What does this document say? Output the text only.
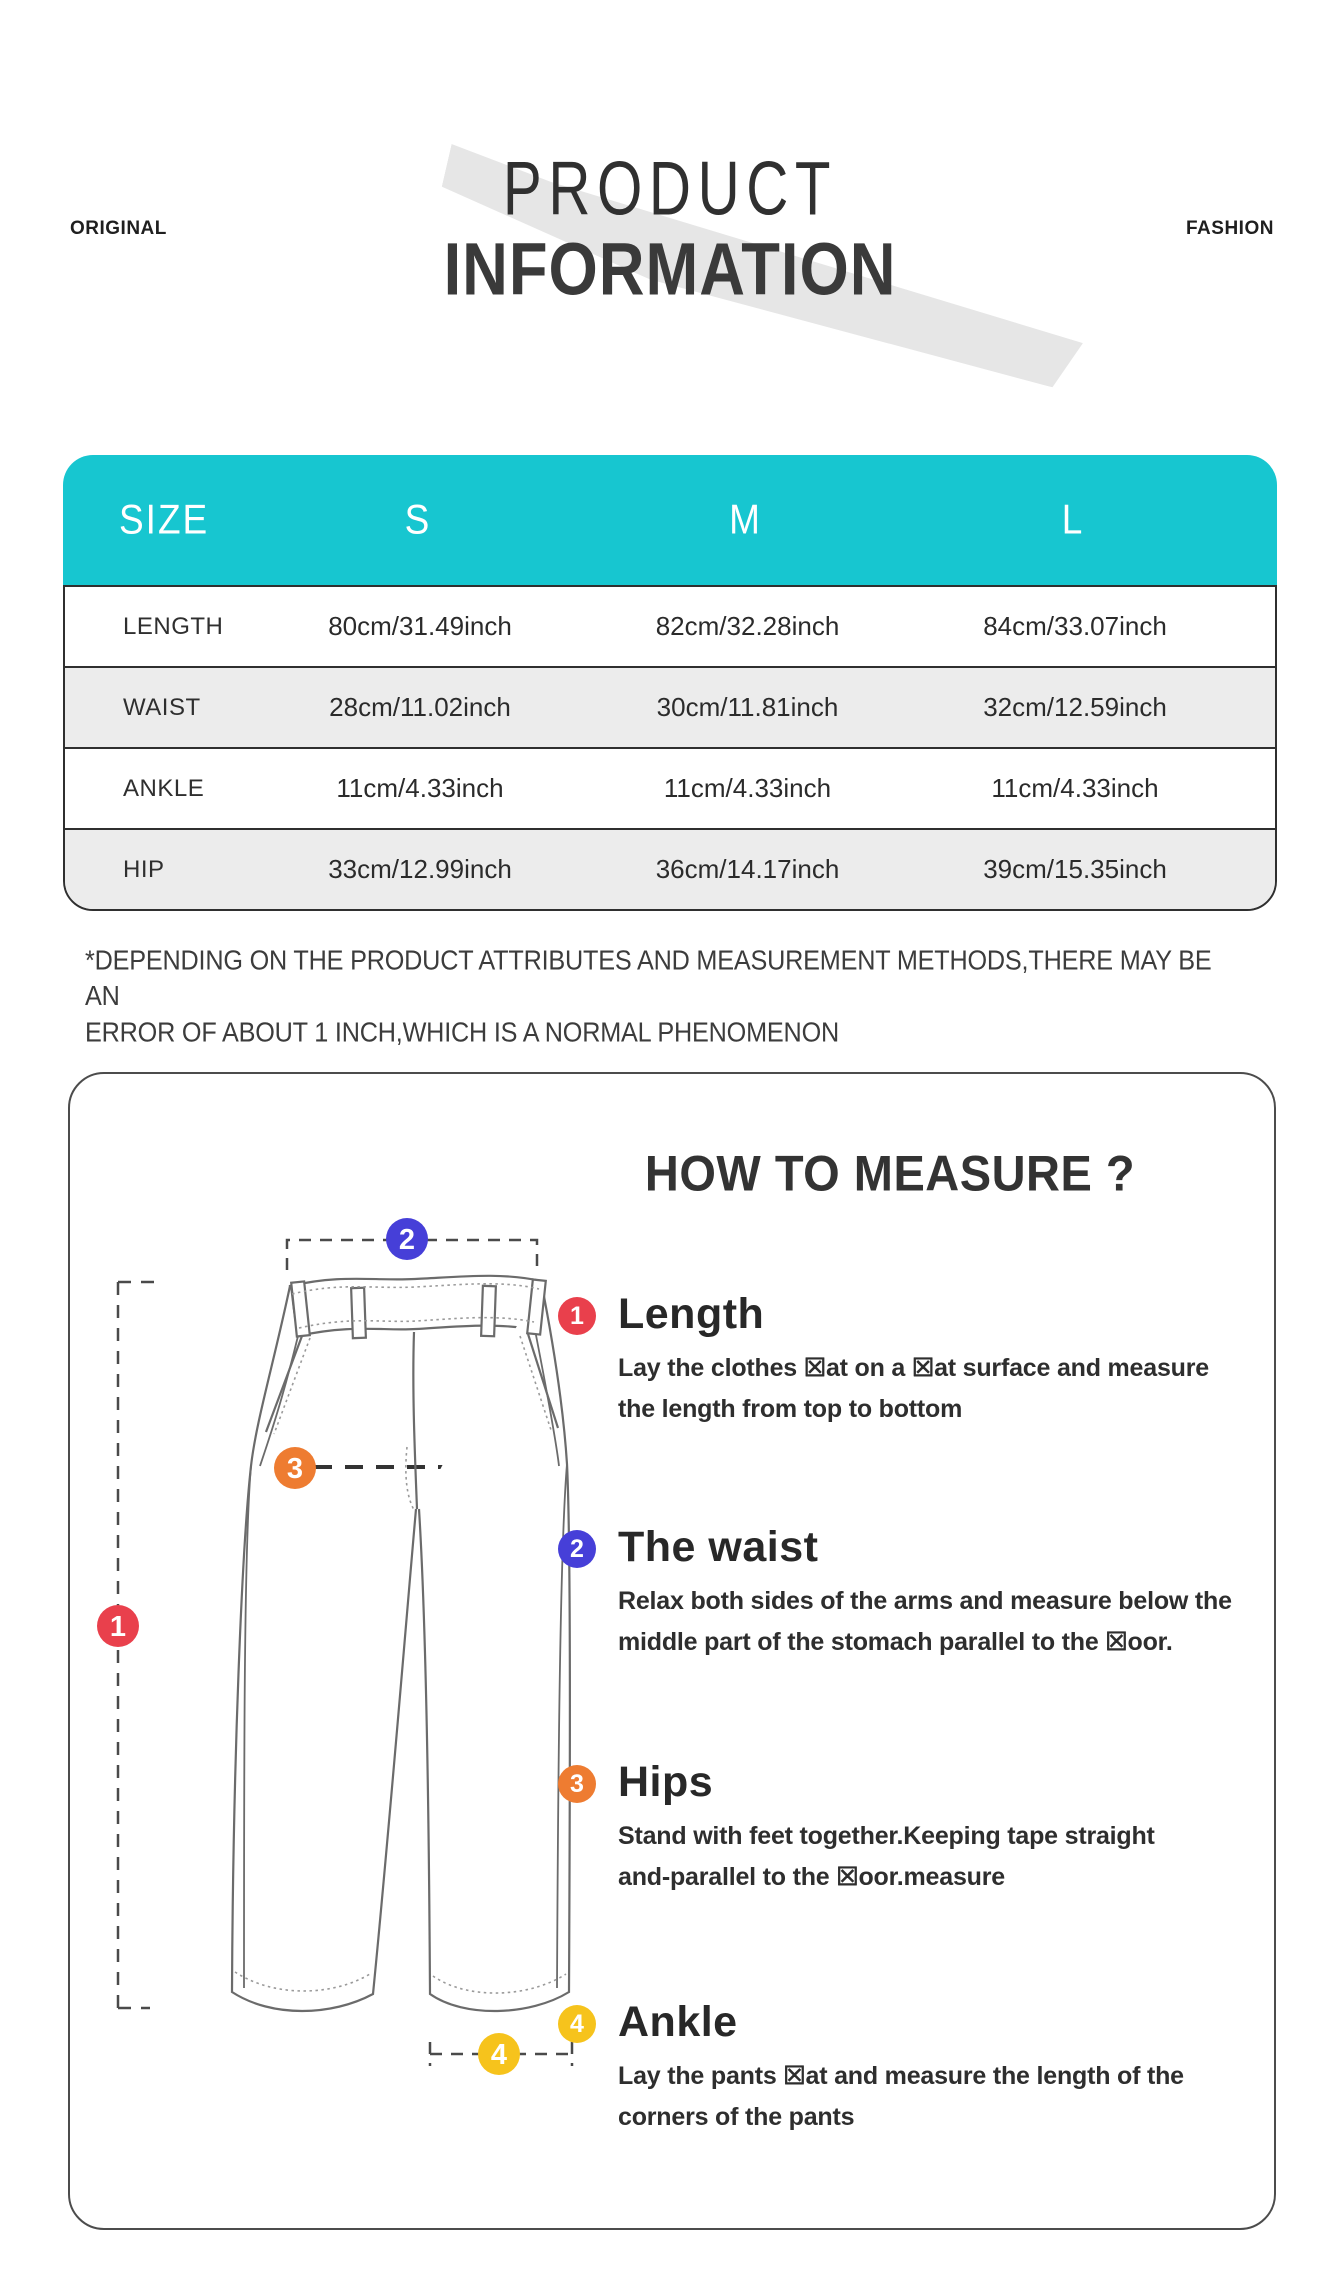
ORIGINAL	FASHION
PRODUCT
INFORMATION
SIZE	S	M	L
LENGTH	80cm/31.49inch	82cm/32.28inch	84cm/33.07inch
WAIST	28cm/11.02inch	30cm/11.81inch	32cm/12.59inch
ANKLE	11cm/4.33inch	11cm/4.33inch	11cm/4.33inch
HIP	33cm/12.99inch	36cm/14.17inch	39cm/15.35inch
*DEPENDING ON THE PRODUCT ATTRIBUTES AND MEASUREMENT METHODS,THERE MAY BE AN
ERROR OF ABOUT 1 INCH,WHICH IS A NORMAL PHENOMENON
HOW TO MEASURE ?
2
3
1
4
1 Length
Lay the clothes ☒at on a ☒at surface and measure
the length from top to bottom
2 The waist
Relax both sides of the arms and measure below the
middle part of the stomach parallel to the ☒oor.
3 Hips
Stand with feet together.Keeping tape straight
and-parallel to the ☒oor.measure
4 Ankle
Lay the pants ☒at and measure the length of the
corners of the pants
